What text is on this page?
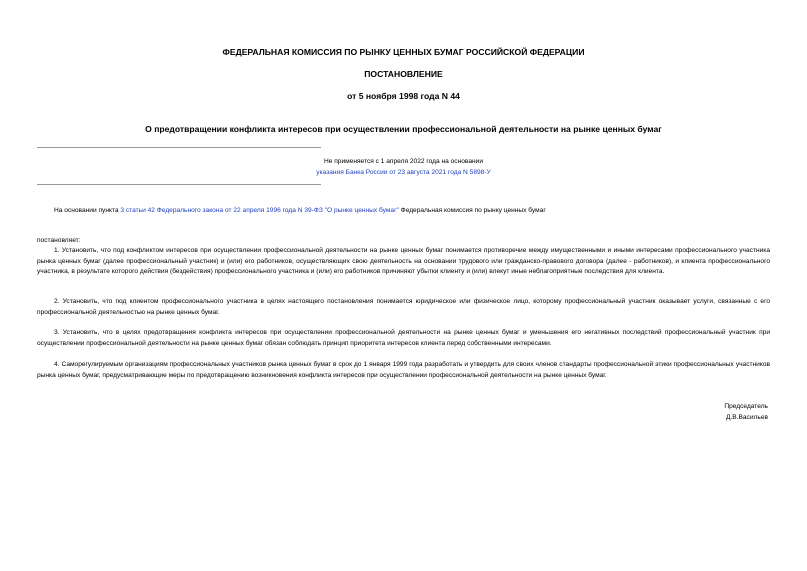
ФЕДЕРАЛЬНАЯ КОМИССИЯ ПО РЫНКУ ЦЕННЫХ БУМАГ РОССИЙСКОЙ ФЕДЕРАЦИИ
ПОСТАНОВЛЕНИЕ
от 5 ноября 1998 года N 44
О предотвращении конфликта интересов при осуществлении профессиональной деятельности на рынке ценных бумаг
Не применяется с 1 апреля 2022 года на основании
указания Банка России от 23 августа 2021 года N 5898-У
На основании пункта 3 статьи 42 Федерального закона от 22 апреля 1996 года N 39-ФЗ "О рынке ценных бумаг" Федеральная комиссия по рынку ценных бумаг
постановляет:
1. Установить, что под конфликтом интересов при осуществлении профессиональной деятельности на рынке ценных бумаг понимается противоречие между имущественными и иными интересами профессионального участника рынка ценных бумаг (далее профессиональный участник) и (или) его работников, осуществляющих свою деятельность на основании трудового или гражданско-правового договора (далее - работников), и клиента профессионального участника, в результате которого действия (бездействия) профессионального участника и (или) его работников причиняют убытки клиенту и (или) влекут иные неблагоприятные последствия для клиента.
2. Установить, что под клиентом профессионального участника в целях настоящего постановления понимается юридическое или физическое лицо, которому профессиональный участник оказывает услуги, связанные с его профессиональной деятельностью на рынке ценных бумаг.
3. Установить, что в целях предотвращения конфликта интересов при осуществлении профессиональной деятельности на рынке ценных бумаг и уменьшения его негативных последствий профессиональный участник при осуществлении профессиональной деятельности на рынке ценных бумаг обязан соблюдать принцип приоритета интересов клиента перед собственными интересами.
4. Саморегулируемым организациям профессиональных участников рынка ценных бумаг в срок до 1 января 1999 года разработать и утвердить для своих членов стандарты профессиональной этики профессиональных участников рынка ценных бумаг, предусматривающие меры по предотвращению возникновения конфликта интересов при осуществлении профессиональной деятельности на рынке ценных бумаг.
Председатель
Д.В.Васильев
